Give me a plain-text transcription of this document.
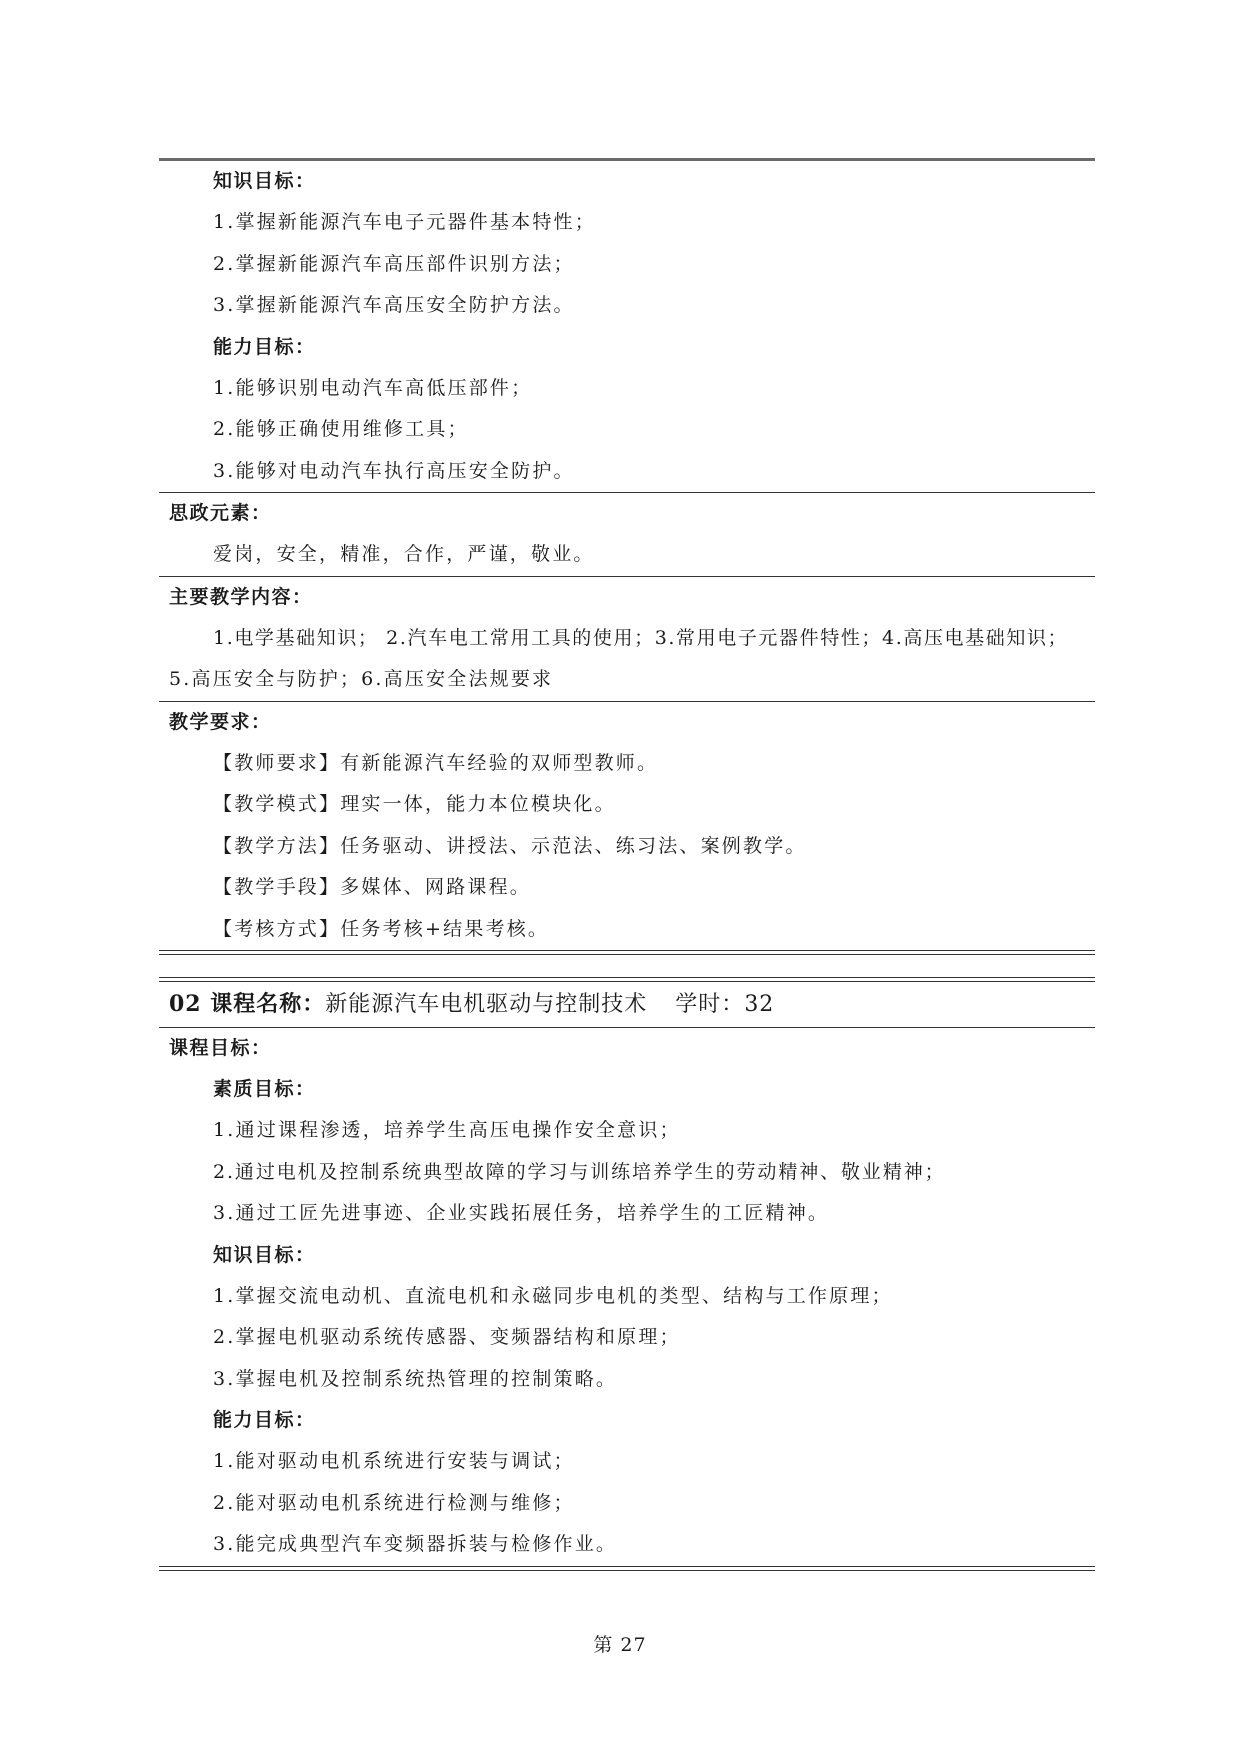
知识目标：
1.掌握新能源汽车电子元器件基本特性；
2.掌握新能源汽车高压部件识别方法；
3.掌握新能源汽车高压安全防护方法。
能力目标：
1.能够识别电动汽车高低压部件；
2.能够正确使用维修工具；
3.能够对电动汽车执行高压安全防护。
思政元素：
爱岗，安全，精准，合作，严谨，敬业。
主要教学内容：
1.电学基础知识； 2.汽车电工常用工具的使用；3.常用电子元器件特性；4.高压电基础知识；
5.高压安全与防护；6.高压安全法规要求
教学要求：
【教师要求】有新能源汽车经验的双师型教师。
【教学模式】理实一体，能力本位模块化。
【教学方法】任务驱动、讲授法、示范法、练习法、案例教学。
【教学手段】多媒体、网路课程。
【考核方式】任务考核+结果考核。
02 课程名称：新能源汽车电机驱动与控制技术 学时：32
课程目标：
素质目标：
1.通过课程渗透，培养学生高压电操作安全意识；
2.通过电机及控制系统典型故障的学习与训练培养学生的劳动精神、敬业精神；
3.通过工匠先进事迹、企业实践拓展任务，培养学生的工匠精神。
知识目标：
1.掌握交流电动机、直流电机和永磁同步电机的类型、结构与工作原理；
2.掌握电机驱动系统传感器、变频器结构和原理；
3.掌握电机及控制系统热管理的控制策略。
能力目标：
1.能对驱动电机系统进行安装与调试；
2.能对驱动电机系统进行检测与维修；
3.能完成典型汽车变频器拆装与检修作业。
第 27
